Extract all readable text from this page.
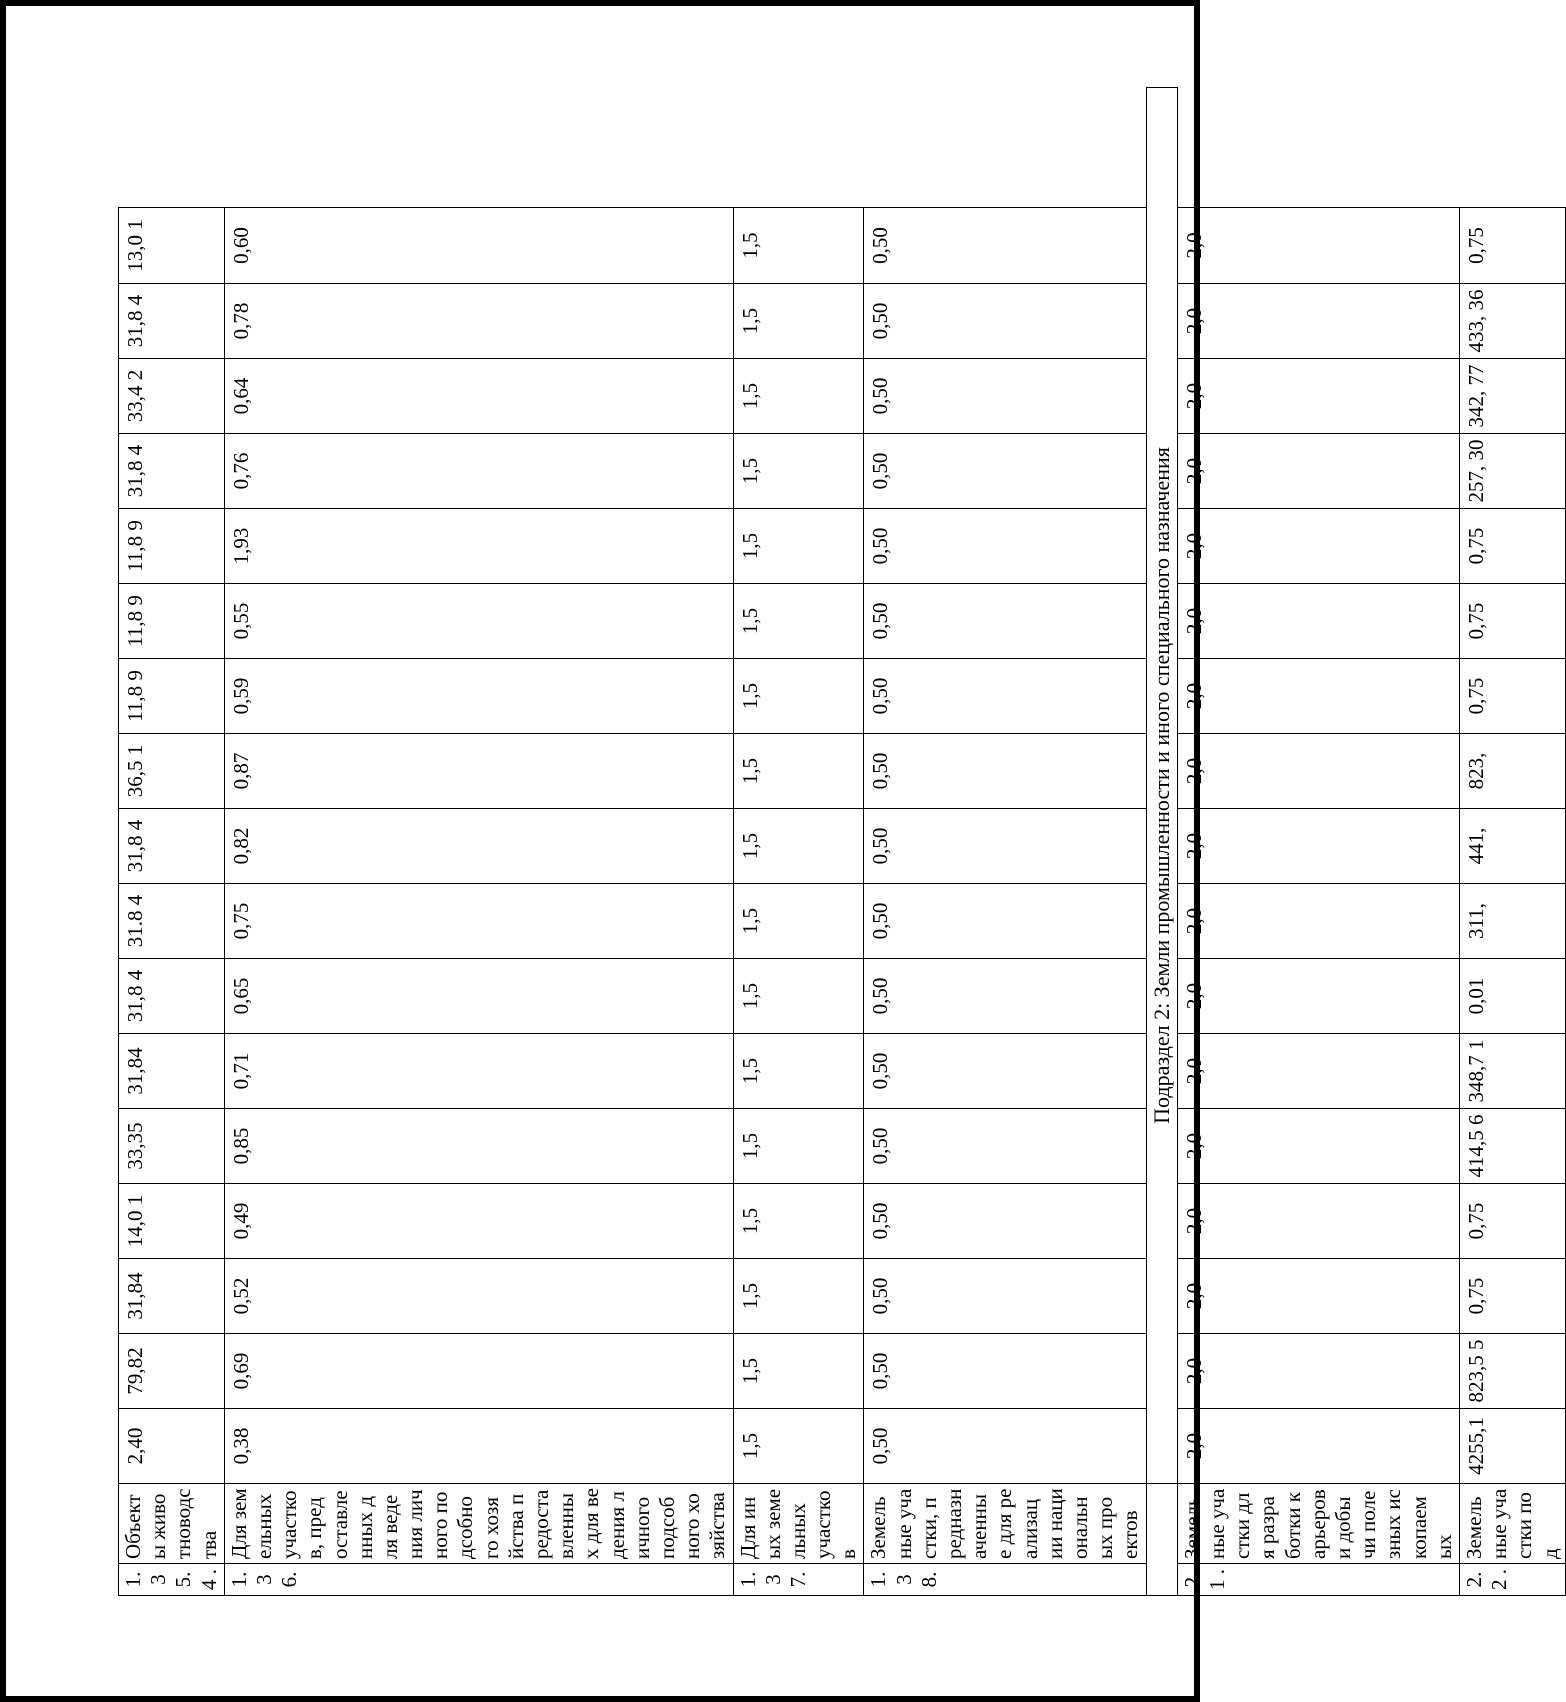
1.3 5.4 .	Объекты животноводства	2,40	79,82	31,84	14,0 1	33,35	31,84	31,8 4	31.8 4	31,8 4	36,5 1	11,8 9	11,8 9	11,8 9	31,8 4	33,4 2	31,8 4	13,0 1
1.3 6.	Для земельных участков, предоставленных для ведения личного подсобного хозяйства предоставленных для ведения личного подсобного хозяйства	0,38	0,69	0,52	0,49	0,85	0,71	0,65	0,75	0,82	0,87	0,59	0,55	1,93	0,76	0,64	0,78	0,60
1.3 7.	Для иных земельных участков	1,5	1,5	1,5	1,5	1,5	1,5	1,5	1,5	1,5	1,5	1,5	1,5	1,5	1,5	1,5	1,5	1,5
1.3 8.	Земельные участки, предназначенные для реализации национальных проектов	0,50	0,50	0,50	0,50	0,50	0,50	0,50	0,50	0,50	0,50	0,50	0,50	0,50	0,50	0,50	0,50	0,50
		Подраздел 2: Земли промышленности и иного специального назначения																
2.1 .	Земельные участки для разработки карьеров и добычи полезных ископаемых	2,0	2,0	2,0	2,0	2,0	2,0	2,0	2,0	2,0	2,0	2,0	2,0	2,0	2,0	2,0	2,0	2,0
2.2 .	Земельные участки под	4255,1	823,5 5	0,75	0,75	414,5 6	348,7 1	0,01	311,	441,	823,	0,75	0,75	0,75	257, 30	342, 77	433, 36	0,75
